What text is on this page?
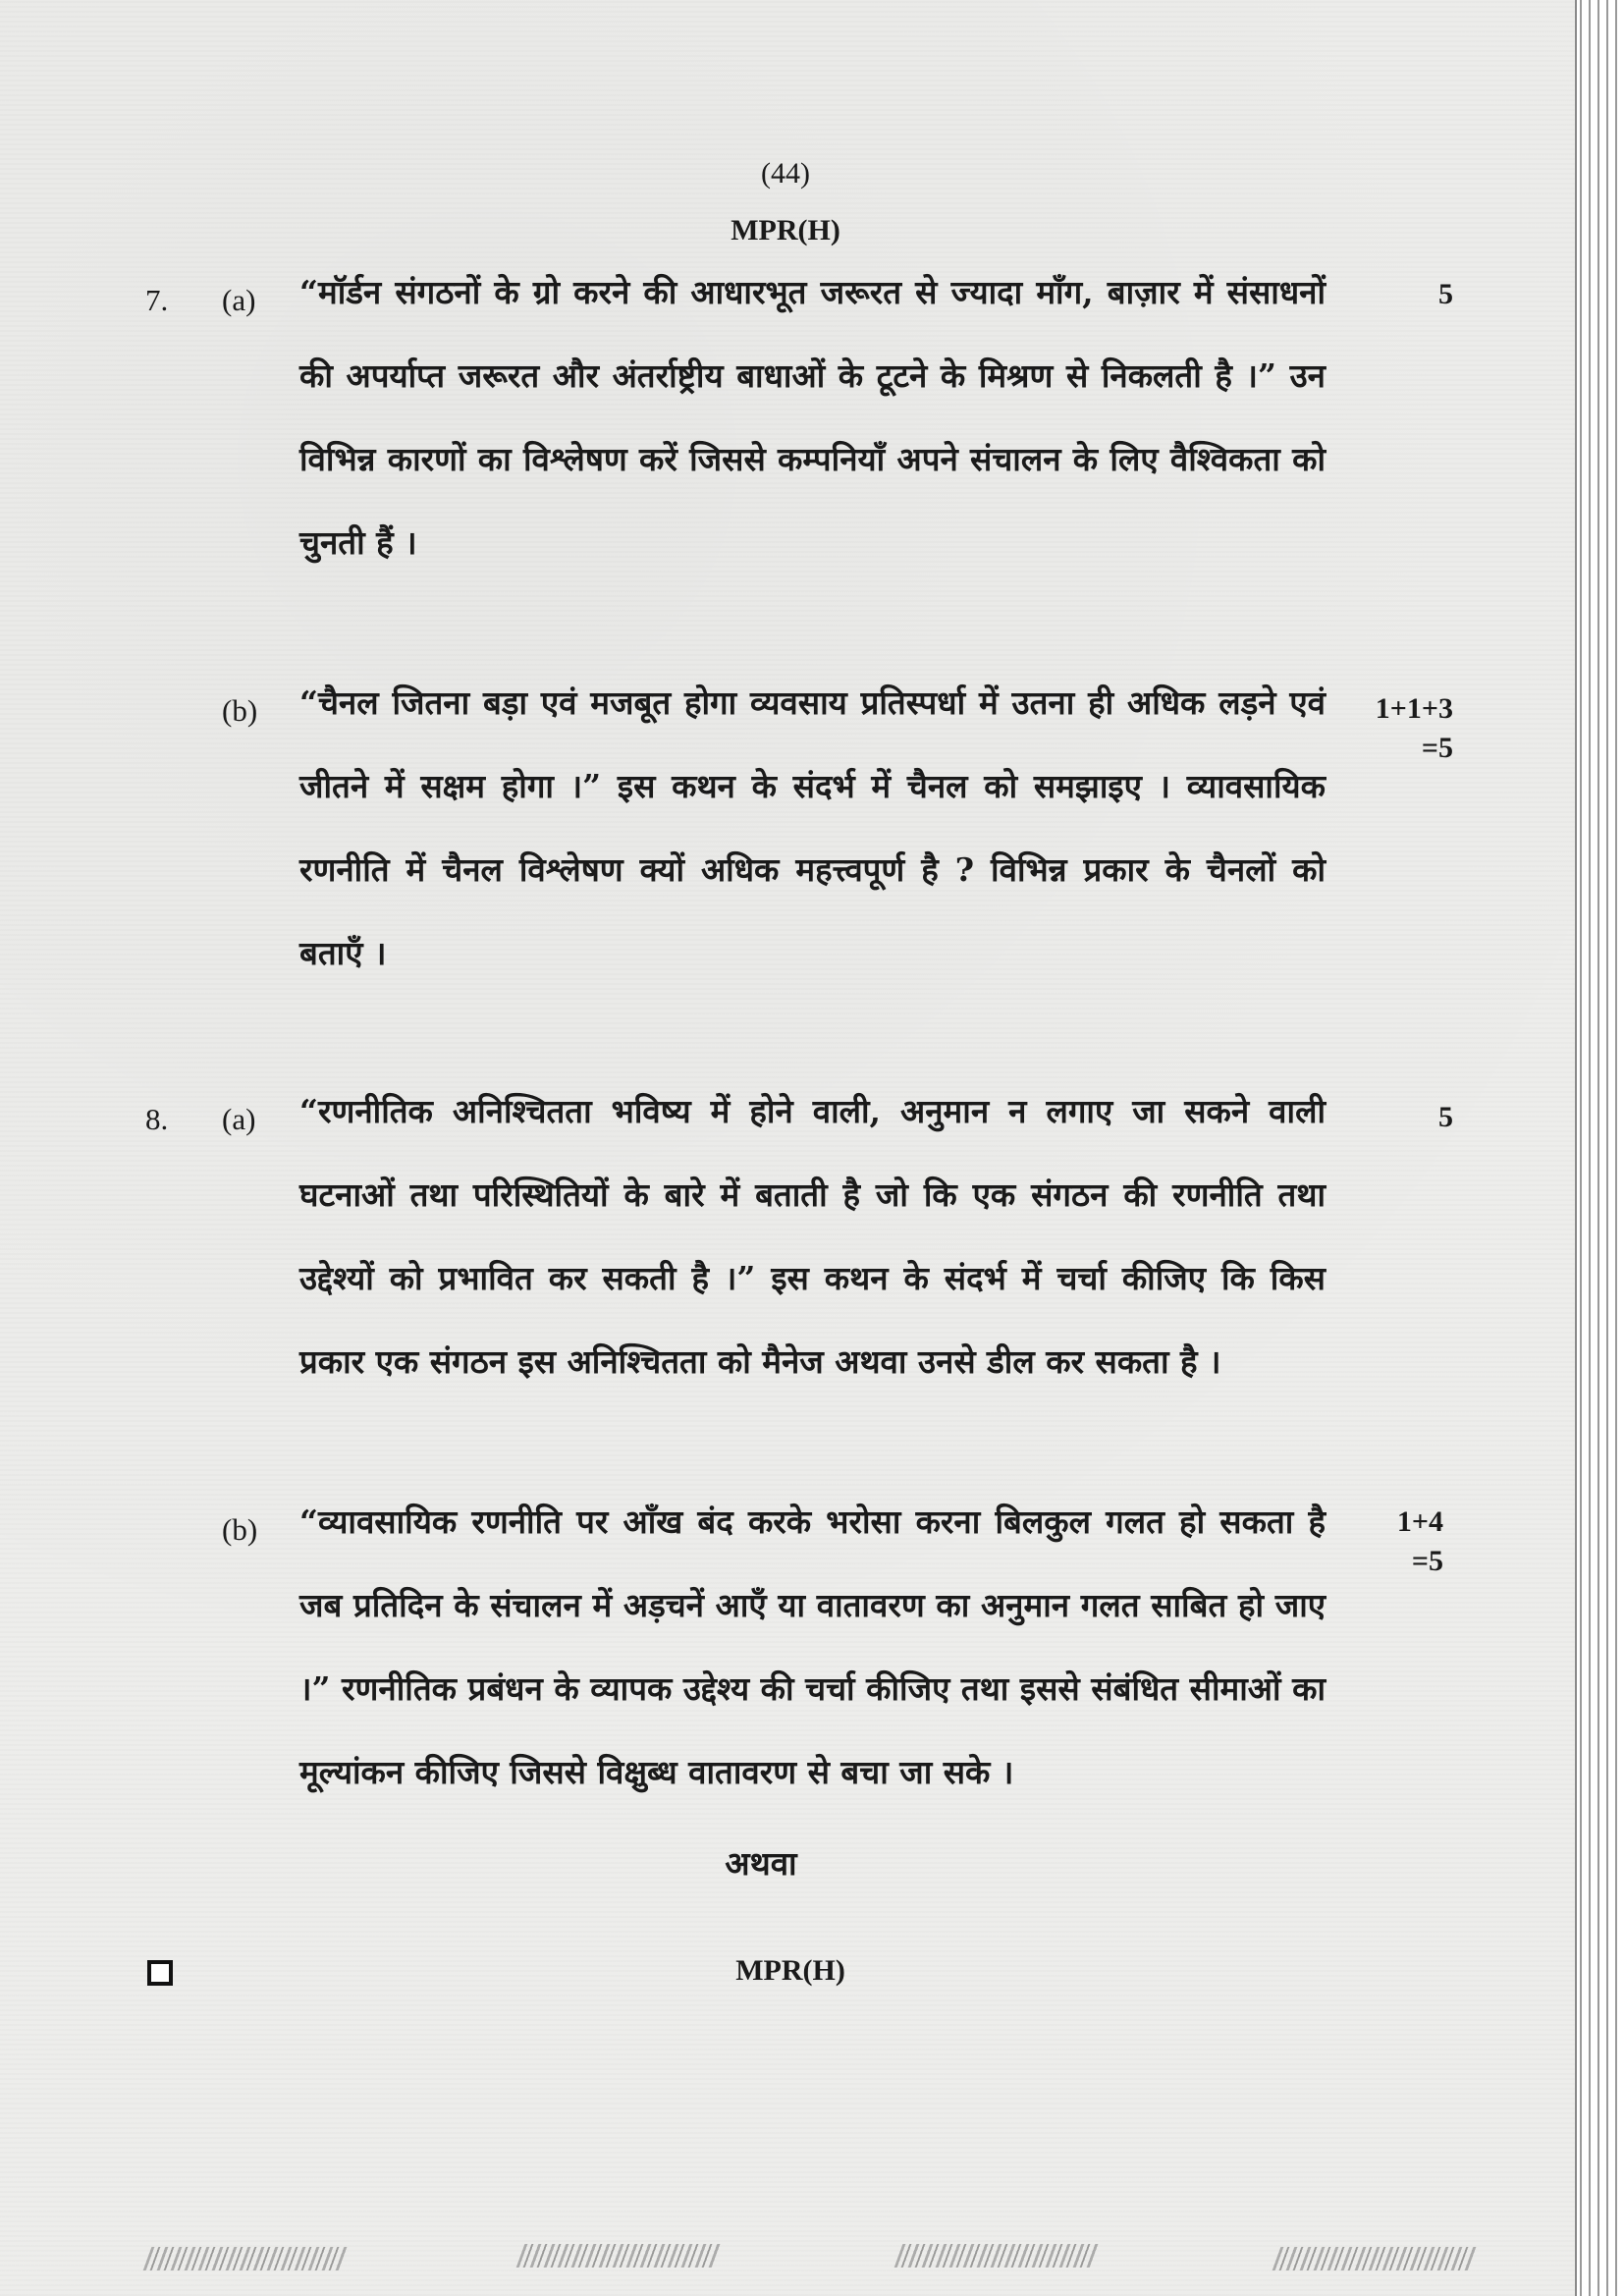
(44)
MPR(H)
7. (a)	5

“मॉर्डन संगठनों के ग्रो करने की आधारभूत जरूरत से ज्यादा माँग, बाज़ार में संसाधनों की अपर्याप्त जरूरत और अंतर्राष्ट्रीय बाधाओं के टूटने के मिश्रण से निकलती है ।” उन विभिन्न कारणों का विश्लेषण करें जिससे कम्पनियाँ अपने संचालन के लिए वैश्विकता को चुनती हैं ।

(b)	1+1+3
=5

“चैनल जितना बड़ा एवं मजबूत होगा व्यवसाय प्रतिस्पर्धा में उतना ही अधिक लड़ने एवं जीतने में सक्षम होगा ।” इस कथन के संदर्भ में चैनल को समझाइए । व्यावसायिक रणनीति में चैनल विश्लेषण क्यों अधिक महत्त्वपूर्ण है ? विभिन्न प्रकार के चैनलों को बताएँ ।

8. (a)	5

“रणनीतिक अनिश्चितता भविष्य में होने वाली, अनुमान न लगाए जा सकने वाली घटनाओं तथा परिस्थितियों के बारे में बताती है जो कि एक संगठन की रणनीति तथा उद्देश्यों को प्रभावित कर सकती है ।” इस कथन के संदर्भ में चर्चा कीजिए कि किस प्रकार एक संगठन इस अनिश्चितता को मैनेज अथवा उनसे डील कर सकता है ।

(b)	1+4
=5

“व्यावसायिक रणनीति पर आँख बंद करके भरोसा करना बिलकुल गलत हो सकता है जब प्रतिदिन के संचालन में अड़चनें आएँ या वातावरण का अनुमान गलत साबित हो जाए ।” रणनीतिक प्रबंधन के व्यापक उद्देश्य की चर्चा कीजिए तथा इससे संबंधित सीमाओं का मूल्यांकन कीजिए जिससे विक्षुब्ध वातावरण से बचा जा सके ।

अथवा
MPR(H)
